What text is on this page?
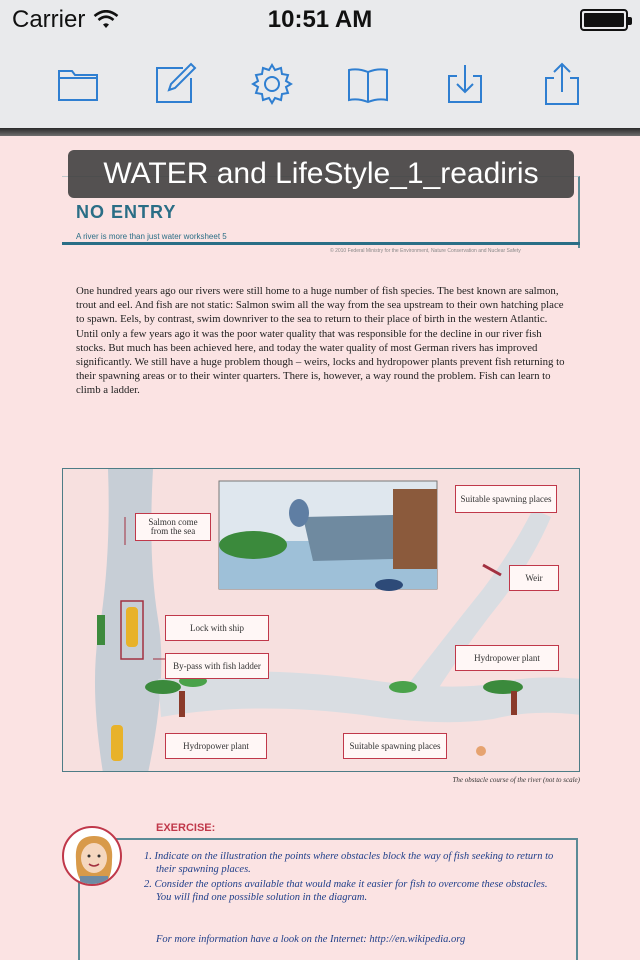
Carrier	10:51 AM
WATER and LifeStyle_1_readiris
NO ENTRY
A river is more than just water worksheet 5
© 2010 Federal Ministry for the Environment, Nature Conservation and Nuclear Safety
One hundred years ago our rivers were still home to a huge number of fish species. The best known are salmon, trout and eel. And fish are not static: Salmon swim all the way from the sea upstream to their own hatching place to spawn. Eels, by contrast, swim downriver to the sea to return to their place of birth in the western Atlantic. Until only a few years ago it was the poor water quality that was responsible for the decline in our river fish stocks. But much has been achieved here, and today the water quality of most German rivers has improved significantly. We still have a huge problem though – weirs, locks and hydropower plants prevent fish returning to their spawning areas or to their winter quarters. There is, however, a way round the problem. Fish can learn to climb a ladder.
Salmon come from the sea
Lock with ship
By-pass with fish ladder
Hydropower plant	Suitable spawning places
Suitable spawning places
Weir
Hydropower plant
The obstacle course of the river (not to scale)
EXERCISE:
1. Indicate on the illustration the points where obstacles block the way of fish seeking to return to their spawning places.
2. Consider the options available that would make it easier for fish to overcome these obstacles. You will find one possible solution in the diagram.
For more information have a look on the Internet: http://en.wikipedia.org
